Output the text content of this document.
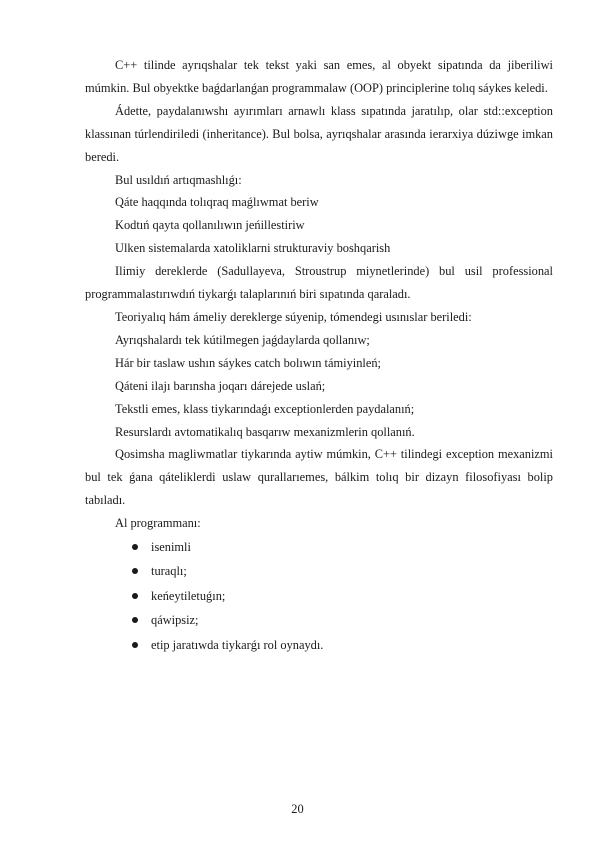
C++ tilinde ayrıqshalar tek tekst yaki san emes, al obyekt sipatında da jiberiliwi múmkin. Bul obyektke baǵdarlanǵan programmalaw (OOP) principlerine tolıq sáykes keledi.

Ádette, paydalanıwshı ayırımları arnawlı klass sıpatında jaratılıp, olar std::exception klassınan túrlendiriledi (inheritance). Bul bolsa, ayrıqshalar arasında ierarxiya dúziwge imkan beredi.

Bul usıldıń artıqmashlıǵı:

Qáte haqqında tolıqraq maǵlıwmat beriw

Kodtıń qayta qollanılıwın jeńillestiriw

Ulken sistemalarda xatoliklarni strukturaviy boshqarish

Ilimiy dereklerde (Sadullayeva, Stroustrup miynetlerinde) bul usil professional programmalastırıwdıń tiykarǵı talaplarınıń biri sıpatında qaraladı.

Teoriyalıq hám ámeliy dereklerge súyenip, tómendegi usınıslar beriledi:

Ayrıqshalardı tek kútilmegen jaǵdaylarda qollanıw;

Hár bir taslaw ushın sáykes catch bolıwın támiyinleń;

Qáteni ilajı barınsha joqarı dárejede uslań;

Tekstli emes, klass tiykarındaǵı exceptionlerden paydalanıń;

Resurslardı avtomatikalıq basqarıw mexanizmlerin qollanıń.

Qosimsha magliwmatlar tiykarında aytiw múmkin, C++ tilindegi exception mexanizmi bul tek ǵana qáteliklerdi uslaw qurallarıemes, bálkim tolıq bir dizayn filosofiyası bolip tabıladı.

Al programmanı:

isenimli
turaqlı;
keńeytiletuǵın;
qáwipsiz;
etip jaratıwda tiykarǵı rol oynaydı.
20
